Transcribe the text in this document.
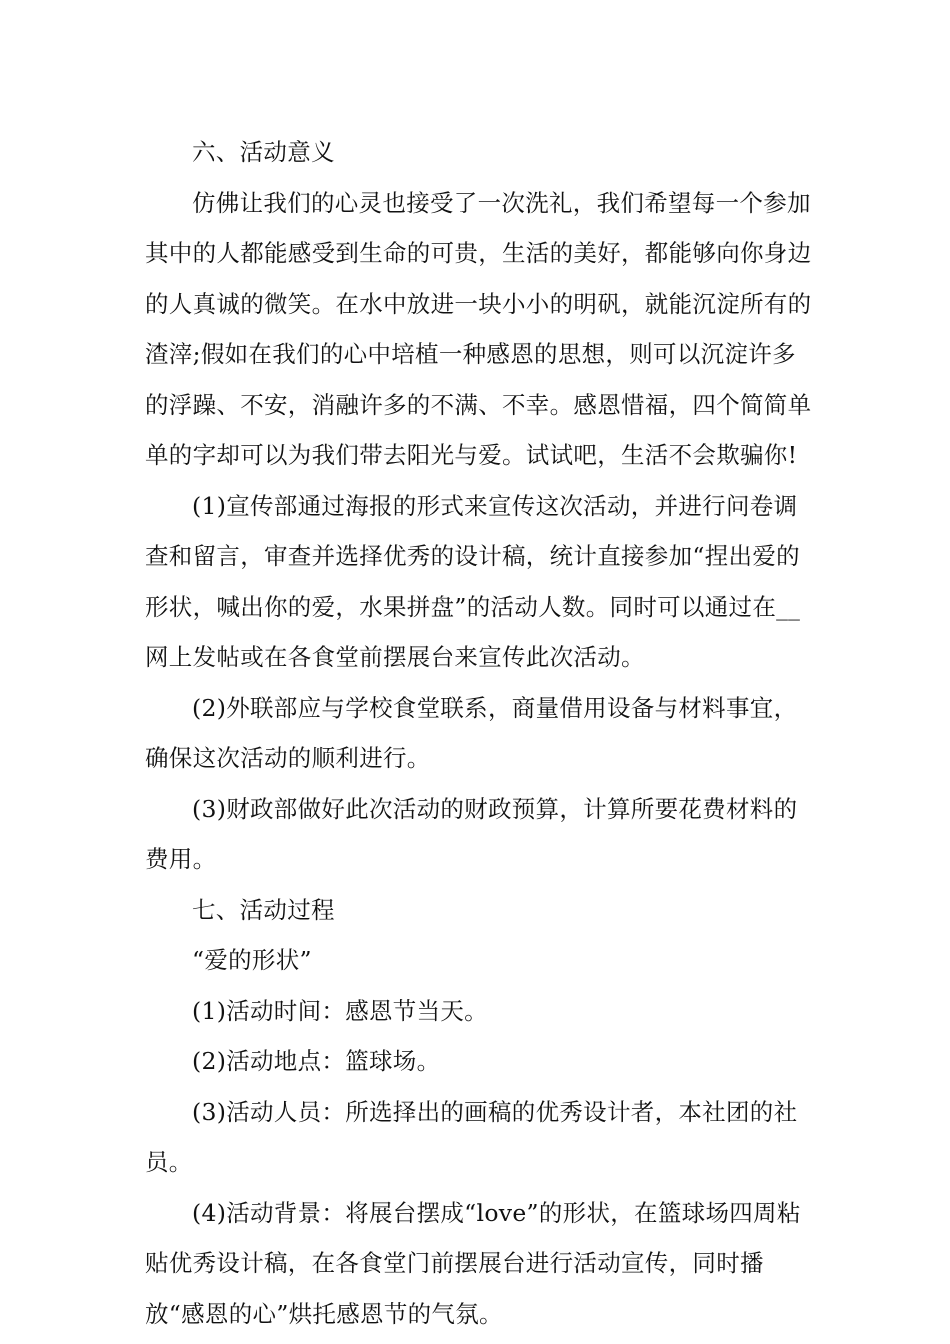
六、活动意义

仿佛让我们的心灵也接受了一次洗礼，我们希望每一个参加其中的人都能感受到生命的可贵，生活的美好，都能够向你身边的人真诚的微笑。在水中放进一块小小的明矾，就能沉淀所有的渣滓;假如在我们的心中培植一种感恩的思想，则可以沉淀许多的浮躁、不安，消融许多的不满、不幸。感恩惜福，四个简简单单的字却可以为我们带去阳光与爱。试试吧，生活不会欺骗你!

(1)宣传部通过海报的形式来宣传这次活动，并进行问卷调查和留言，审查并选择优秀的设计稿，统计直接参加“捏出爱的形状，喊出你的爱，水果拼盘”的活动人数。同时可以通过在__网上发帖或在各食堂前摆展台来宣传此次活动。

(2)外联部应与学校食堂联系，商量借用设备与材料事宜，确保这次活动的顺利进行。

(3)财政部做好此次活动的财政预算，计算所要花费材料的费用。

七、活动过程

“爱的形状”

(1)活动时间：感恩节当天。

(2)活动地点：篮球场。

(3)活动人员：所选择出的画稿的优秀设计者，本社团的社员。

(4)活动背景：将展台摆成“love”的形状，在篮球场四周粘贴优秀设计稿，在各食堂门前摆展台进行活动宣传，同时播放“感恩的心”烘托感恩节的气氛。
